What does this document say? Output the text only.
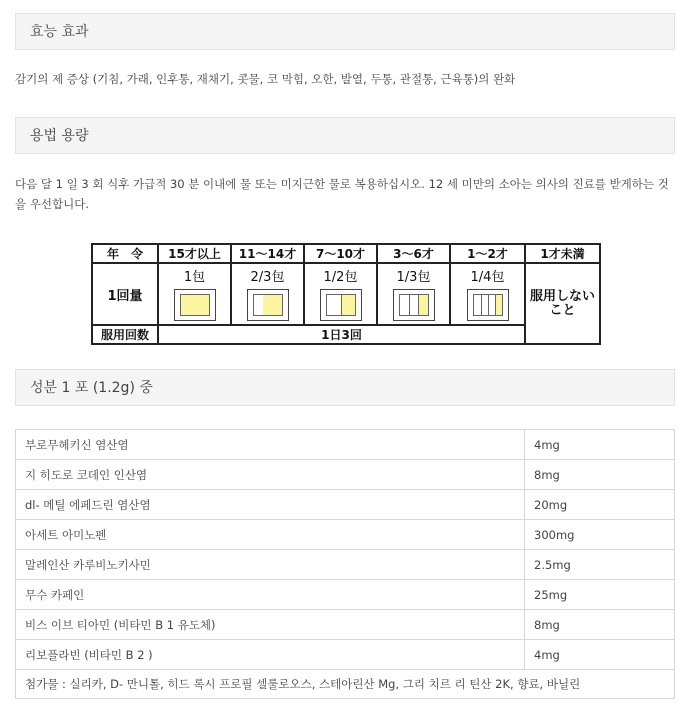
효능 효과
감기의 제 증상 (기침, 가래, 인후통, 재채기, 콧물, 코 막힘, 오한, 발열, 두통, 관절통, 근육통)의 완화
용법 용량
다음 달 1 일 3 회 식후 가급적 30 분 이내에 물 또는 미지근한 물로 복용하십시오. 12 세 미만의 소아는 의사의 진료를 받게하는 것을 우선합니다.
年　令	15才以上	11～14才	7～10才	3～6才	1～2才	1才未満
1回量	1包	2/3包	1/2包	1/3包	1/4包	服用しないこと
服用回数	1日3回					
성분 1 포 (1.2g) 중
부로무헤키신 염산염	4mg
지 히도로 코데인 인산염	8mg
dl- 메틸 에페드린 염산염	20mg
아세트 아미노펜	300mg
말레인산 카루비노키사민	2.5mg
무수 카페인	25mg
비스 이브 티아민 (비타민 B 1 유도체)	8mg
리보플라빈 (비타민 B 2 )	4mg
첨가물 : 실리카, D- 만니톨, 히드 록시 프로필 셀룰로오스, 스테아린산 Mg, 그리 치르 리 틴산 2K, 향료, 바닐린	
